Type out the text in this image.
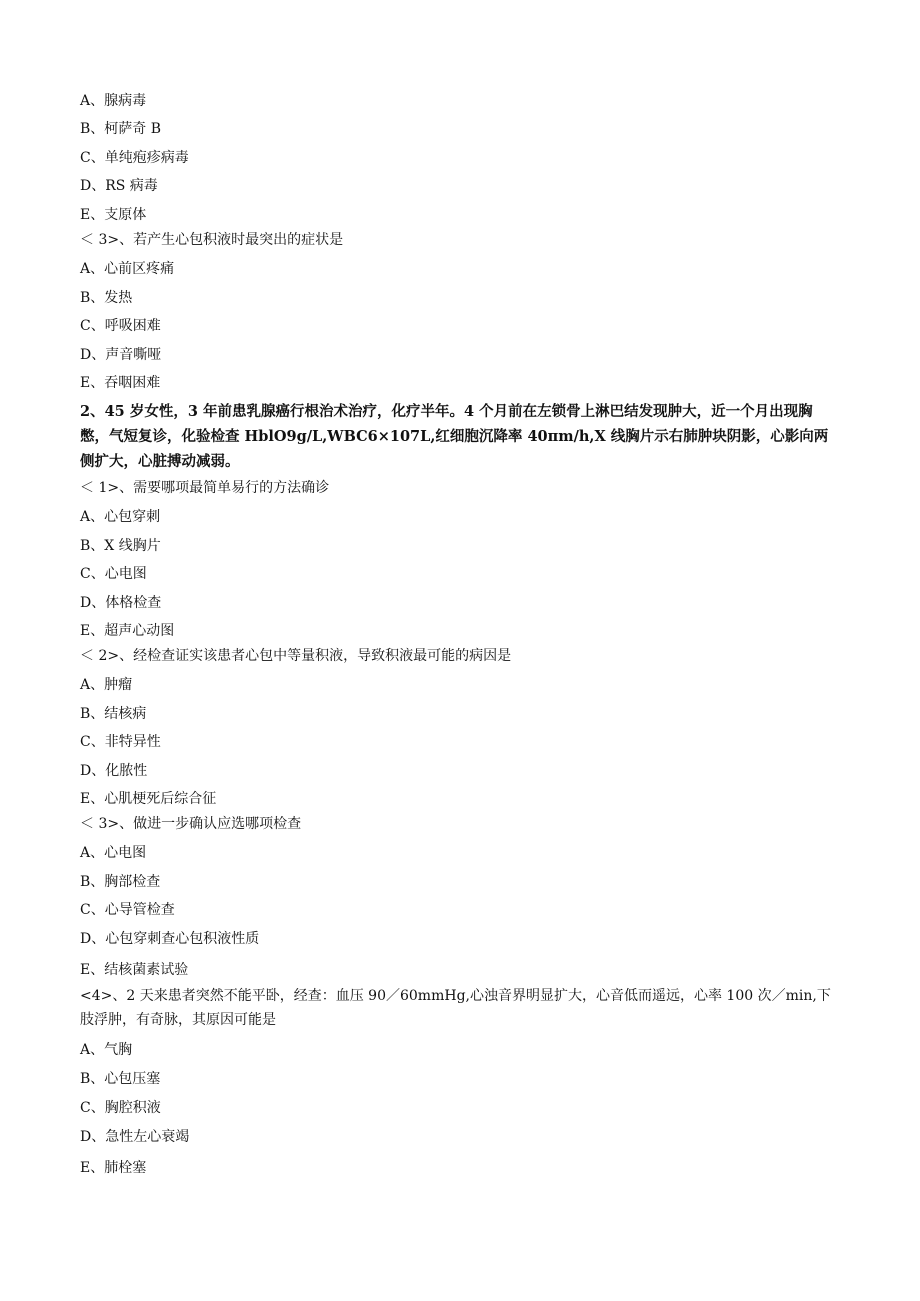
A、腺病毒
B、柯萨奇 B
C、单纯疱疹病毒
D、RS 病毒
E、支原体
＜ 3>、若产生心包积液时最突出的症状是
A、心前区疼痛
B、发热
C、呼吸困难
D、声音嘶哑
E、吞咽困难
2、45 岁女性，3 年前患乳腺癌行根治术治疗，化疗半年。4 个月前在左锁骨上淋巴结发现肿大，近一个月出现胸憋，气短复诊，化验检查 HblO9g/L,WBC6×107L,红细胞沉降率 40πm/h,X 线胸片示右肺肿块阴影，心影向两侧扩大，心脏搏动减弱。
＜ 1>、需要哪项最简单易行的方法确诊
A、心包穿刺
B、X 线胸片
C、心电图
D、体格检查
E、超声心动图
＜ 2>、经检查证实该患者心包中等量积液，导致积液最可能的病因是
A、肿瘤
B、结核病
C、非特异性
D、化脓性
E、心肌梗死后综合征
＜ 3>、做进一步确认应选哪项检查
A、心电图
B、胸部检查
C、心导管检查
D、心包穿刺查心包积液性质
E、结核菌素试验
<4>、2 天来患者突然不能平卧，经查：血压 90／60mmHg,心浊音界明显扩大，心音低而遥远，心率 100 次／min,下肢浮肿，有奇脉，其原因可能是
A、气胸
B、心包压塞
C、胸腔积液
D、急性左心衰竭
E、肺栓塞
